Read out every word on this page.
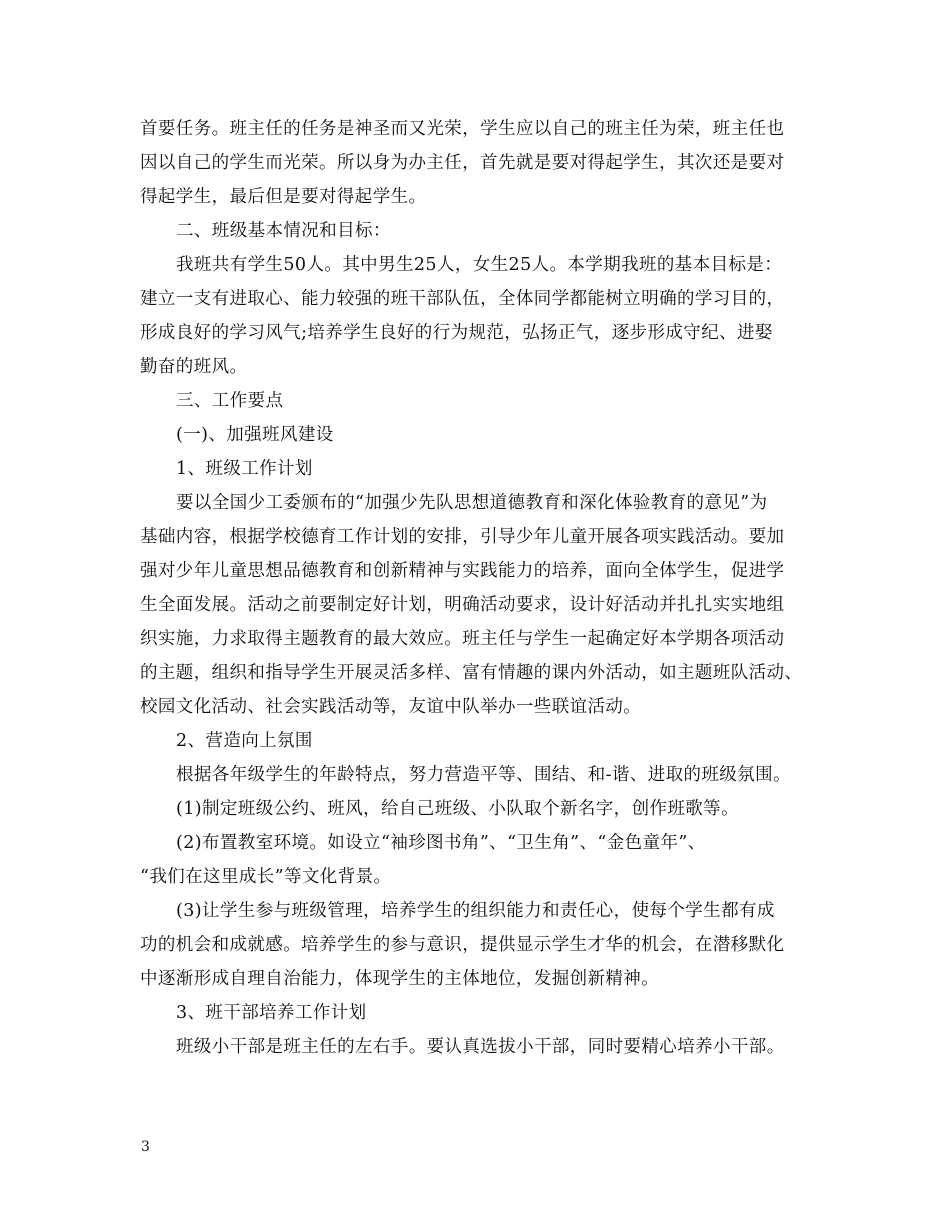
首要任务。班主任的任务是神圣而又光荣，学生应以自己的班主任为荣，班主任也
因以自己的学生而光荣。所以身为办主任，首先就是要对得起学生，其次还是要对
得起学生，最后但是要对得起学生。
二、班级基本情况和目标：
我班共有学生50人。其中男生25人，女生25人。本学期我班的基本目标是：
建立一支有进取心、能力较强的班干部队伍，全体同学都能树立明确的学习目的，
形成良好的学习风气;培养学生良好的行为规范，弘扬正气，逐步形成守纪、进娶
勤奋的班风。
三、工作要点
(一)、加强班风建设
1、班级工作计划
要以全国少工委颁布的“加强少先队思想道德教育和深化体验教育的意见”为
基础内容，根据学校德育工作计划的安排，引导少年儿童开展各项实践活动。要加
强对少年儿童思想品德教育和创新精神与实践能力的培养，面向全体学生，促进学
生全面发展。活动之前要制定好计划，明确活动要求，设计好活动并扎扎实实地组
织实施，力求取得主题教育的最大效应。班主任与学生一起确定好本学期各项活动
的主题，组织和指导学生开展灵活多样、富有情趣的课内外活动，如主题班队活动、
校园文化活动、社会实践活动等，友谊中队举办一些联谊活动。
2、营造向上氛围
根据各年级学生的年龄特点，努力营造平等、围结、和-谐、进取的班级氛围。
(1)制定班级公约、班风，给自己班级、小队取个新名字，创作班歌等。
(2)布置教室环境。如设立“袖珍图书角”、“卫生角”、“金色童年”、
“我们在这里成长”等文化背景。
(3)让学生参与班级管理，培养学生的组织能力和责任心，使每个学生都有成
功的机会和成就感。培养学生的参与意识，提供显示学生才华的机会，在潜移默化
中逐渐形成自理自治能力，体现学生的主体地位，发掘创新精神。
3、班干部培养工作计划
班级小干部是班主任的左右手。要认真选拔小干部，同时要精心培养小干部。
3
